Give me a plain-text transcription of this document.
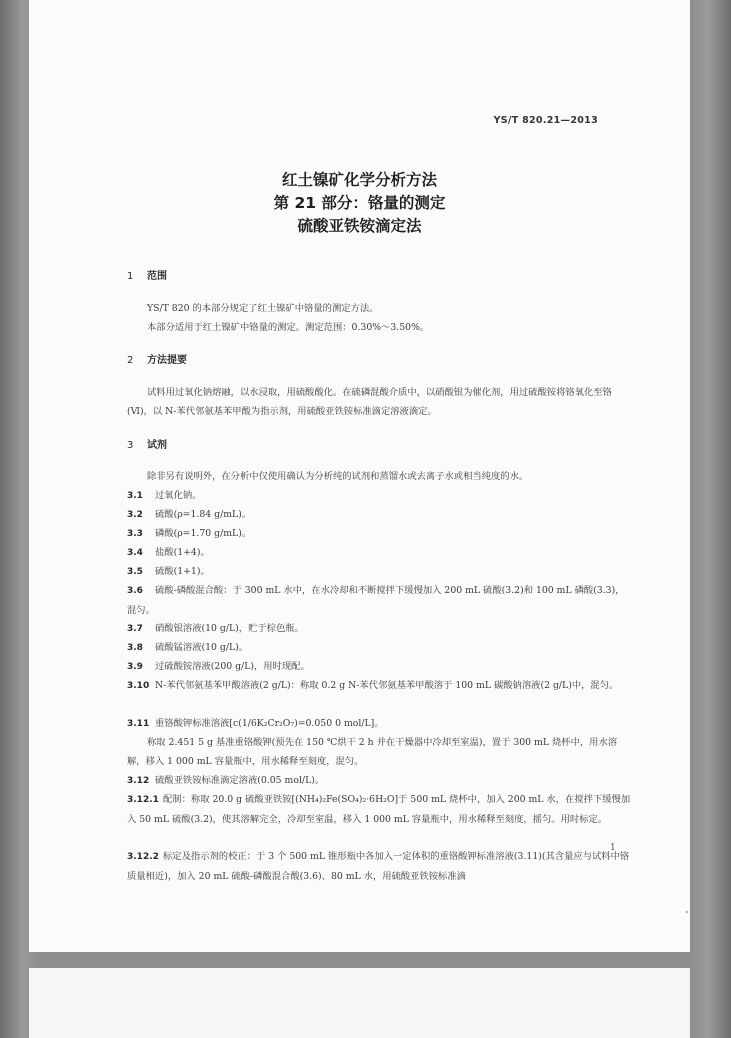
YS/T 820.21—2013
红土镍矿化学分析方法
第 21 部分：铬量的测定
硫酸亚铁铵滴定法
1 范围
YS/T 820 的本部分规定了红土镍矿中铬量的测定方法。
本部分适用于红土镍矿中铬量的测定。测定范围：0.30%～3.50%。
2 方法提要
试料用过氧化钠熔融，以水浸取，用硫酸酸化。在硫磷混酸介质中，以硝酸银为催化剂，用过硫酸铵将铬氧化至铬(Ⅵ)，以 N-苯代邻氨基苯甲酸为指示剂，用硫酸亚铁铵标准滴定溶液滴定。
3 试剂
除非另有说明外，在分析中仅使用确认为分析纯的试剂和蒸馏水或去离子水或相当纯度的水。
3.1 过氧化钠。
3.2 硫酸(ρ=1.84 g/mL)。
3.3 磷酸(ρ=1.70 g/mL)。
3.4 盐酸(1+4)。
3.5 硫酸(1+1)。
3.6 硫酸-磷酸混合酸：于 300 mL 水中，在水冷却和不断搅拌下缓慢加入 200 mL 硫酸(3.2)和 100 mL 磷酸(3.3)，混匀。
3.7 硝酸银溶液(10 g/L)，贮于棕色瓶。
3.8 硫酸锰溶液(10 g/L)。
3.9 过硫酸铵溶液(200 g/L)，用时现配。
3.10 N-苯代邻氨基苯甲酸溶液(2 g/L)：称取 0.2 g N-苯代邻氨基苯甲酸溶于 100 mL 碳酸钠溶液(2 g/L)中，混匀。
3.11 重铬酸钾标准溶液[c(1/6K₂Cr₂O₇)=0.050 0 mol/L]。
称取 2.451 5 g 基准重铬酸钾(预先在 150 ℃烘干 2 h 并在干燥器中冷却至室温)，置于 300 mL 烧杯中，用水溶解，移入 1 000 mL 容量瓶中，用水稀释至刻度，混匀。
3.12 硫酸亚铁铵标准滴定溶液(0.05 mol/L)。
3.12.1 配制：称取 20.0 g 硫酸亚铁铵[(NH₄)₂Fe(SO₄)₂·6H₂O]于 500 mL 烧杯中，加入 200 mL 水，在搅拌下缓慢加入 50 mL 硫酸(3.2)，使其溶解完全，冷却至室温，移入 1 000 mL 容量瓶中，用水稀释至刻度，摇匀。用时标定。
3.12.2 标定及指示剂的校正：于 3 个 500 mL 锥形瓶中各加入一定体积的重铬酸钾标准溶液(3.11)(其含量应与试料中铬质量相近)，加入 20 mL 硫酸-磷酸混合酸(3.6)、80 mL 水，用硫酸亚铁铵标准滴
1
